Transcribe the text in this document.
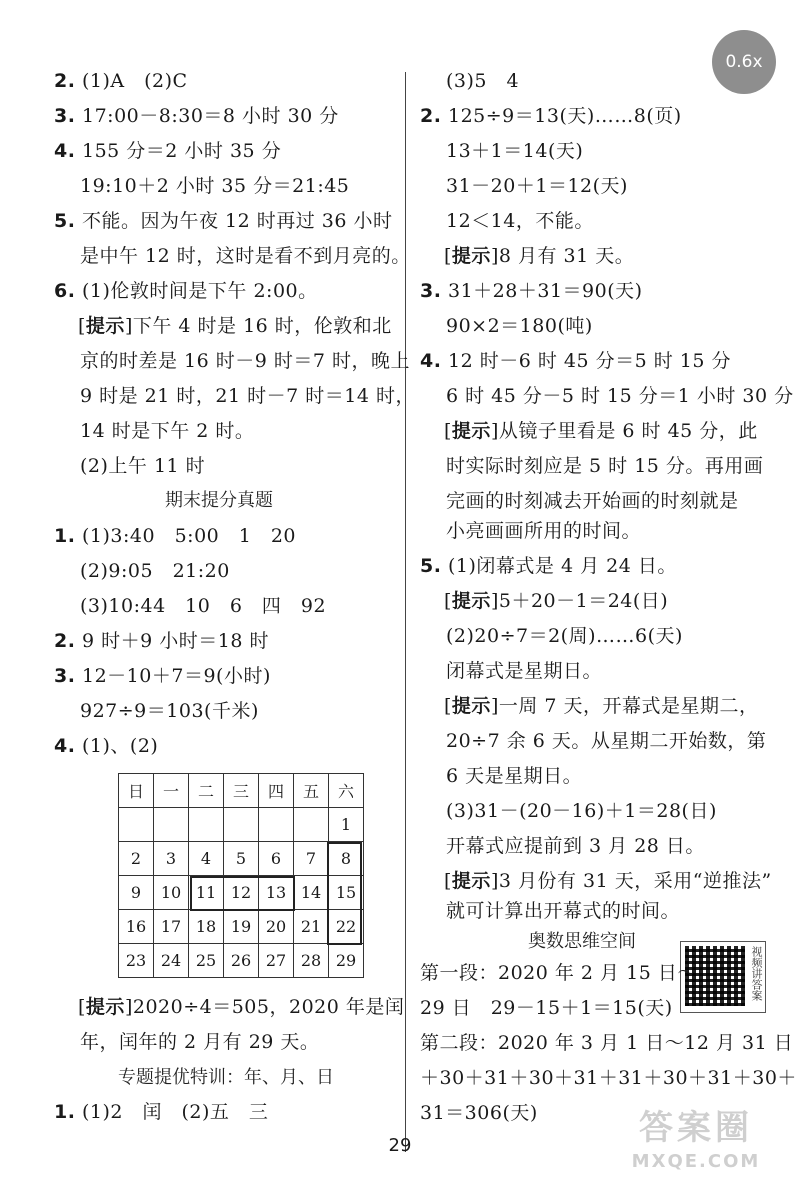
0.6x
2. (1)A　(2)C
3. 17:00－8:30＝8 小时 30 分
4. 155 分＝2 小时 35 分
19:10＋2 小时 35 分＝21:45
5. 不能。因为午夜 12 时再过 36 小时
是中午 12 时，这时是看不到月亮的。
6. (1)伦敦时间是下午 2:00。
[ 提示 ] 下午 4 时是 16 时，伦敦和北
京的时差是 16 时－9 时＝7 时，晚上
9 时是 21 时，21 时－7 时＝14 时，
14 时是下午 2 时。
(2)上午 11 时
期末提分真题
1. (1)3:40　5:00　1　20
(2)9:05　21:20
(3)10:44　10　6　四　92
2. 9 时＋9 小时＝18 时
3. 12－10＋7＝9(小时)
927÷9＝103(千米)
4. (1)、(2)
日	一	二	三	四	五	六
						1
2	3	4	5	6	7	8
9	10	11	12	13	14	15
16	17	18	19	20	21	22
23	24	25	26	27	28	29
[ 提示 ] 2020÷4＝505，2020 年是闰
年，闰年的 2 月有 29 天。
专题提优特训：年、月、日
1. (1)2　闰　(2)五　三
(3)5　4
2. 125÷9＝13(天)……8(页)
13＋1＝14(天)
31－20＋1＝12(天)
12＜14，不能。
[ 提示 ] 8 月有 31 天。
3. 31＋28＋31＝90(天)
90×2＝180(吨)
4. 12 时－6 时 45 分＝5 时 15 分
6 时 45 分－5 时 15 分＝1 小时 30 分
[ 提示 ] 从镜子里看是 6 时 45 分，此
时实际时刻应是 5 时 15 分。再用画
完画的时刻减去开始画的时刻就是
小亮画画所用的时间。
5. (1)闭幕式是 4 月 24 日。
[ 提示 ] 5＋20－1＝24(日)
(2)20÷7＝2(周)……6(天)
闭幕式是星期日。
[ 提示 ] 一周 7 天，开幕式是星期二，
20÷7 余 6 天。从星期二开始数，第
6 天是星期日。
(3)31－(20－16)＋1＝28(日)
开幕式应提前到 3 月 28 日。
[ 提示 ] 3 月份有 31 天，采用“逆推法”
就可计算出开幕式的时间。
奥数思维空间
视频讲答案
第一段：2020 年 2 月 15 日～
29 日　29－15＋1＝15(天)
第二段：2020 年 3 月 1 日～12 月 31 日
＋30＋31＋30＋31＋31＋30＋31＋30＋
31＝306(天)
29	答案圈
MXQE.COM
